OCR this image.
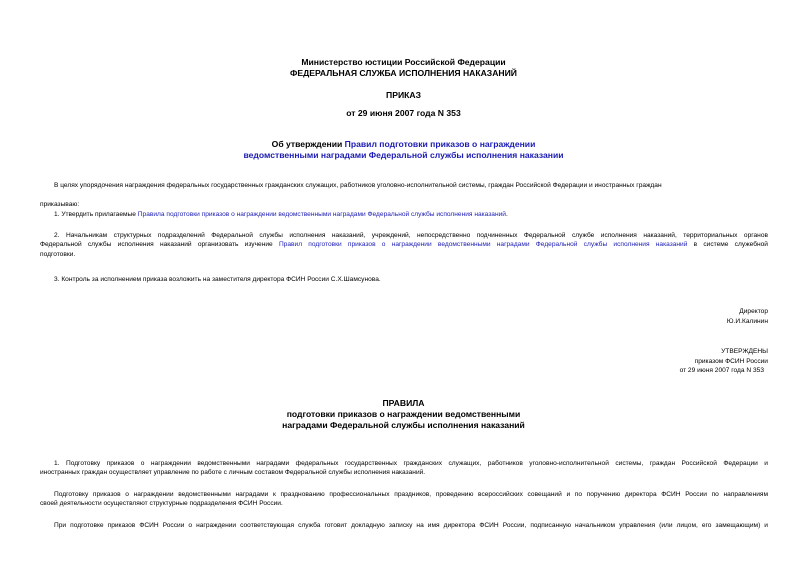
Министерство юстиции Российской Федерации
ФЕДЕРАЛЬНАЯ СЛУЖБА ИСПОЛНЕНИЯ НАКАЗАНИЙ
ПРИКАЗ
от 29 июня 2007 года N 353
Об утверждении Правил подготовки приказов о награждении
ведомственными наградами Федеральной службы исполнения наказании
В целях упорядочения награждения федеральных государственных гражданских служащих, работников уголовно-исполнительной системы, граждан Российской Федерации и иностранных граждан
приказываю:
1. Утвердить прилагаемые Правила подготовки приказов о награждении ведомственными наградами Федеральной службы исполнения наказаний.
2. Начальникам структурных подразделений Федеральной службы исполнения наказаний, учреждений, непосредственно подчиненных Федеральной службе исполнения наказаний, территориальных органов
Федеральной службы исполнения наказаний организовать изучение Правил подготовки приказов о награждении ведомственными наградами Федеральной службы исполнения наказаний в системе служебной
подготовки.
3. Контроль за исполнением приказа возложить на заместителя директора ФСИН России С.Х.Шамсунова.
Директор
Ю.И.Калинин
УТВЕРЖДЕНЫ
приказом ФСИН России
от 29 июня 2007 года N 353
ПРАВИЛА
подготовки приказов о награждении ведомственными
наградами Федеральной службы исполнения наказаний
1. Подготовку приказов о награждении ведомственными наградами федеральных государственных гражданских служащих, работников уголовно-исполнительной системы, граждан Российской Федерации и
иностранных граждан осуществляет управление по работе с личным составом Федеральной службы исполнения наказаний.
Подготовку приказов о награждении ведомственными наградами к празднованию профессиональных праздников, проведению всероссийских совещаний и по поручению директора ФСИН России по направлениям
своей деятельности осуществляют структурные подразделения ФСИН России.
При подготовке приказов ФСИН России о награждении соответствующая служба готовит докладную записку на имя директора ФСИН России, подписанную начальником управления (или лицом, его замещающим) и
